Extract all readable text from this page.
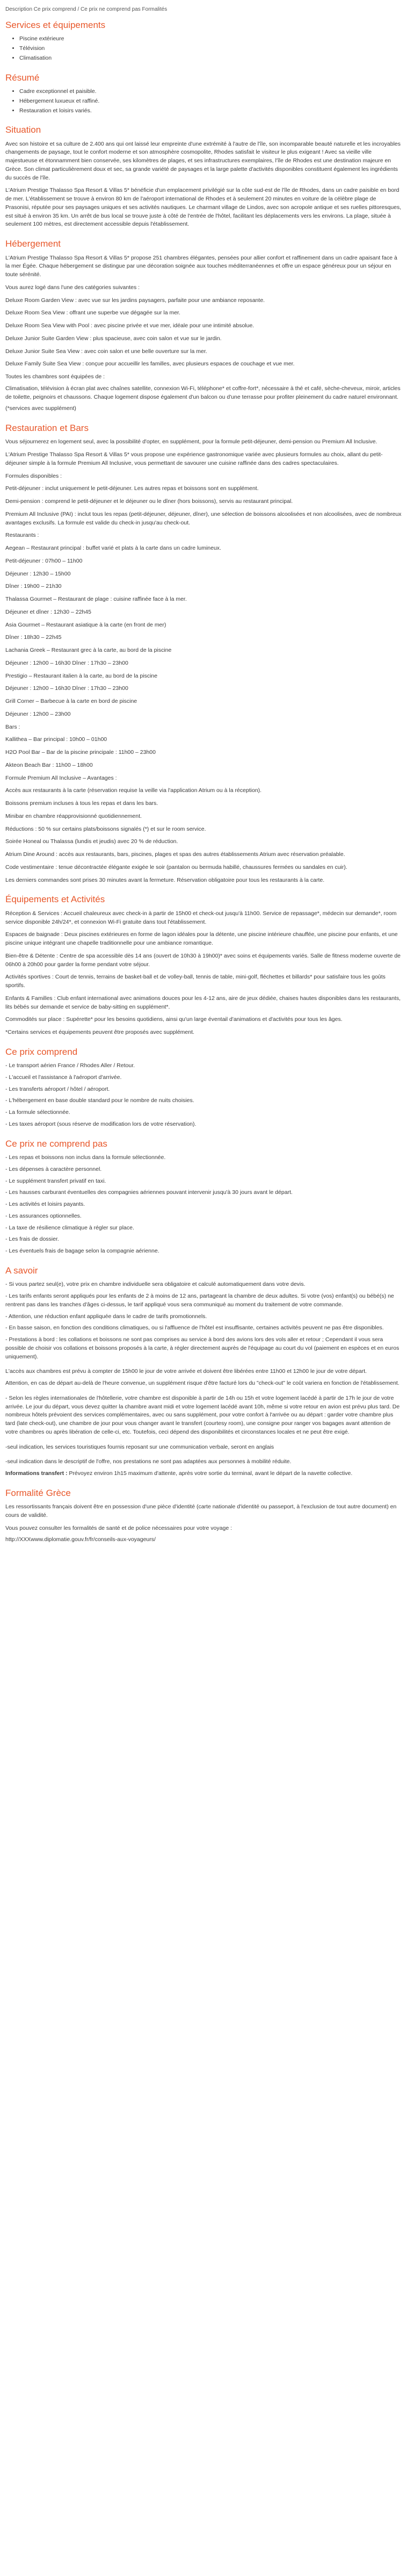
Description Ce prix comprend / Ce prix ne comprend pas Formalités
Services et équipements
• Piscine extérieure
• Télévision
• Climatisation
Résumé
• Cadre exceptionnel et paisible.
• Hébergement luxueux et raffiné.
• Restauration et loisirs variés.
Situation

Avec son histoire et sa culture de 2.400 ans qui ont laissé leur empreinte d'une extrémité à l'autre de l'île, son incomparable beauté naturelle et les incroyables changements de paysage, tout le confort moderne et son atmosphère cosmopolite, Rhodes satisfait le visiteur le plus exigeant ! Avec sa vieille ville majestueuse et étonnamment bien conservée, ses kilomètres de plages, et ses infrastructures exemplaires, l'île de Rhodes est une destination majeure en Grèce. Son climat particulièrement doux et sec, sa grande variété de paysages et la large palette d'activités disponibles constituent également les ingrédients du succès de l'île.

L'Atrium Prestige Thalasso Spa Resort & Villas 5* bénéficie d'un emplacement privilégié sur la côte sud-est de l'île de Rhodes, dans un cadre paisible en bord de mer. L'établissement se trouve à environ 80 km de l'aéroport international de Rhodes et à seulement 20 minutes en voiture de la célèbre plage de Prasonisi, réputée pour ses paysages uniques et ses activités nautiques. Le charmant village de Lindos, avec son acropole antique et ses ruelles pittoresques, est situé à environ 35 km. Un arrêt de bus local se trouve juste à côté de l'entrée de l'hôtel, facilitant les déplacements vers les environs. La plage, située à seulement 100 mètres, est directement accessible depuis l'établissement.

Hébergement

L'Atrium Prestige Thalasso Spa Resort & Villas 5* propose 251 chambres élégantes, pensées pour allier confort et raffinement dans un cadre apaisant face à la mer Égée. Chaque hébergement se distingue par une décoration soignée aux touches méditerranéennes et offre un espace généreux pour un séjour en toute sérénité.

Vous aurez logé dans l'une des catégories suivantes :

Deluxe Room Garden View : avec vue sur les jardins paysagers, parfaite pour une ambiance reposante.

Deluxe Room Sea View : offrant une superbe vue dégagée sur la mer.

Deluxe Room Sea View with Pool : avec piscine privée et vue mer, idéale pour une intimité absolue.

Deluxe Junior Suite Garden View : plus spacieuse, avec coin salon et vue sur le jardin.

Deluxe Junior Suite Sea View : avec coin salon et une belle ouverture sur la mer.

Deluxe Family Suite Sea View : conçue pour accueillir les familles, avec plusieurs espaces de couchage et vue mer.

Toutes les chambres sont équipées de :
Climatisation, télévision à écran plat avec chaînes satellite, connexion Wi-Fi, téléphone* et coffre-fort*, nécessaire à thé et café, sèche-cheveux, miroir, articles de toilette, peignoirs et chaussons. Chaque logement dispose également d'un balcon ou d'une terrasse pour profiter pleinement du cadre naturel environnant.

(*services avec supplément)

Restauration et Bars

Vous séjournerez en logement seul, avec la possibilité d'opter, en supplément, pour la formule petit-déjeuner, demi-pension ou Premium All Inclusive.

L'Atrium Prestige Thalasso Spa Resort & Villas 5* vous propose une expérience gastronomique variée avec plusieurs formules au choix, allant du petit-déjeuner simple à la formule Premium All Inclusive, vous permettant de savourer une cuisine raffinée dans des cadres spectaculaires.

Formules disponibles :

Petit-déjeuner : inclut uniquement le petit-déjeuner. Les autres repas et boissons sont en supplément.

Demi-pension : comprend le petit-déjeuner et le déjeuner ou le dîner (hors boissons), servis au restaurant principal.

Premium All Inclusive (PAI) : inclut tous les repas (petit-déjeuner, déjeuner, dîner), une sélection de boissons alcoolisées et non alcoolisées, avec de nombreux avantages exclusifs. La formule est valide du check-in jusqu'au check-out.

Restaurants :

Aegean – Restaurant principal : buffet varié et plats à la carte dans un cadre lumineux.

Petit-déjeuner : 07h00 – 11h00

Déjeuner : 12h30 – 15h00

Dîner : 19h00 – 21h30

Thalassa Gourmet – Restaurant de plage : cuisine raffinée face à la mer.

Déjeuner et dîner : 12h30 – 22h45

Asia Gourmet – Restaurant asiatique à la carte (en front de mer)

Dîner : 18h30 – 22h45

Lachania Greek – Restaurant grec à la carte, au bord de la piscine

Déjeuner : 12h00 – 16h30 Dîner : 17h30 – 23h00

Prestigio – Restaurant italien à la carte, au bord de la piscine

Déjeuner : 12h00 – 16h30 Dîner : 17h30 – 23h00

Grill Corner – Barbecue à la carte en bord de piscine

Déjeuner : 12h00 – 23h00

Bars :

Kallithea – Bar principal : 10h00 – 01h00

H2O Pool Bar – Bar de la piscine principale : 11h00 – 23h00

Akteon Beach Bar : 11h00 – 18h00

Formule Premium All Inclusive – Avantages :

Accès aux restaurants à la carte (réservation requise la veille via l'application Atrium ou à la réception).

Boissons premium incluses à tous les repas et dans les bars.

Minibar en chambre réapprovisionné quotidiennement.

Réductions : 50 % sur certains plats/boissons signalés (*) et sur le room service.

Soirée Honeal ou Thalassa (lundis et jeudis) avec 20 % de réduction.

Atrium Dine Around : accès aux restaurants, bars, piscines, plages et spas des autres établissements Atrium avec réservation préalable.

Code vestimentaire : tenue décontractée élégante exigée le soir (pantalon ou bermuda habillé, chaussures fermées ou sandales en cuir).

Les derniers commandes sont prises 30 minutes avant la fermeture. Réservation obligatoire pour tous les restaurants à la carte.

Équipements et Activités

Réception & Services : Accueil chaleureux avec check-in à partir de 15h00 et check-out jusqu'à 11h00. Service de repassage*, médecin sur demande*, room service disponible 24h/24*, et connexion Wi-Fi gratuite dans tout l'établissement.

Espaces de baignade : Deux piscines extérieures en forme de lagon idéales pour la détente, une piscine intérieure chauffée, une piscine pour enfants, et une piscine unique intégrant une chapelle traditionnelle pour une ambiance romantique.

Bien-être & Détente : Centre de spa accessible dès 14 ans (ouvert de 10h30 à 19h00)* avec soins et équipements variés. Salle de fitness moderne ouverte de 06h00 à 20h00 pour garder la forme pendant votre séjour.

Activités sportives : Court de tennis, terrains de basket-ball et de volley-ball, tennis de table, mini-golf, fléchettes et billards* pour satisfaire tous les goûts sportifs.

Enfants & Familles : Club enfant international avec animations douces pour les 4-12 ans, aire de jeux dédiée, chaises hautes disponibles dans les restaurants, lits bébés sur demande et service de baby-sitting en supplément*.

Commodités sur place : Supérette* pour les besoins quotidiens, ainsi qu'un large éventail d'animations et d'activités pour tous les âges.

*Certains services et équipements peuvent être proposés avec supplément.

Ce prix comprend
- Le transport aérien France / Rhodes Aller / Retour.
- L'accueil et l'assistance à l'aéroport d'arrivée.
- Les transferts aéroport / hôtel / aéroport.
- L'hébergement en base double standard pour le nombre de nuits choisies.
- La formule sélectionnée.
- Les taxes aéroport (sous réserve de modification lors de votre réservation).
Ce prix ne comprend pas
- Les repas et boissons non inclus dans la formule sélectionnée.
- Les dépenses à caractère personnel.
- Le supplément transfert privatif en taxi.
- Les hausses carburant éventuelles des compagnies aériennes pouvant intervenir jusqu'à 30 jours avant le départ.
- Les activités et loisirs payants.
- Les assurances optionnelles.
- La taxe de résilience climatique à régler sur place.
- Les frais de dossier.
- Les éventuels frais de bagage selon la compagnie aérienne.
A savoir
- Si vous partez seul(e), votre prix en chambre individuelle sera obligatoire et calculé automatiquement dans votre devis.
- Les tarifs enfants seront appliqués pour les enfants de 2 à moins de 12 ans, partageant la chambre de deux adultes. Si votre (vos) enfant(s) ou bébé(s) ne rentrent pas dans les tranches d'âges ci-dessus, le tarif appliqué vous sera communiqué au moment du traitement de votre commande.
- Attention, une réduction enfant appliquée dans le cadre de tarifs promotionnels.
- En basse saison, en fonction des conditions climatiques, ou si l'affluence de l'hôtel est insuffisante, certaines activités peuvent ne pas être disponibles.
- Prestations à bord : les collations et boissons ne sont pas comprises au service à bord des avions lors des vols aller et retour ; Cependant il vous sera possible de choisir vos collations et boissons proposés à la carte, à régler directement auprès de l'équipage au court du vol (paiement en espèces et en euros uniquement).
L'accès aux chambres est prévu à compter de 15h00 le jour de votre arrivée et doivent être libérées entre 11h00 et 12h00 le jour de votre départ.
Attention, en cas de départ au-delà de l'heure convenue, un supplément risque d'être facturé lors du "check-out" le coût variera en fonction de l'établissement.
- Selon les règles internationales de l'hôtellerie, votre chambre est disponible à partir de 14h ou 15h et votre logement lacédé à partir de 17h le jour de votre arrivée. Le jour du départ, vous devez quitter la chambre avant midi et votre logement lacédé avant 10h, même si votre retour en avion est prévu plus tard. De nombreux hôtels prévoient des services complémentaires, avec ou sans supplément, pour votre confort à l'arrivée ou au départ : garder votre chambre plus tard (late check-out), une chambre de jour pour vous changer avant le transfert (courtesy room), une consigne pour ranger vos bagages avant attention de votre chambres ou après libération de celle-ci, etc. Toutefois, ceci dépend des disponibilités et circonstances locales et ne peut être exigé.
-seul indication, les services touristiques fournis reposant sur une communication verbale, seront en anglais
-seul indication dans le descriptif de l'offre, nos prestations ne sont pas adaptées aux personnes à mobilité réduite.
Informations transfert : Prévoyez environ 1h15 maximum d'attente, après votre sortie du terminal, avant le départ de la navette collective.
Formalité Grèce

Les ressortissants français doivent être en possession d'une pièce d'identité (carte nationale d'identité ou passeport, à l'exclusion de tout autre document) en cours de validité.

Vous pouvez consulter les formalités de santé et de police nécessaires pour votre voyage :
http://XXXwww.diplomatie.gouv.fr/fr/conseils-aux-voyageurs/
